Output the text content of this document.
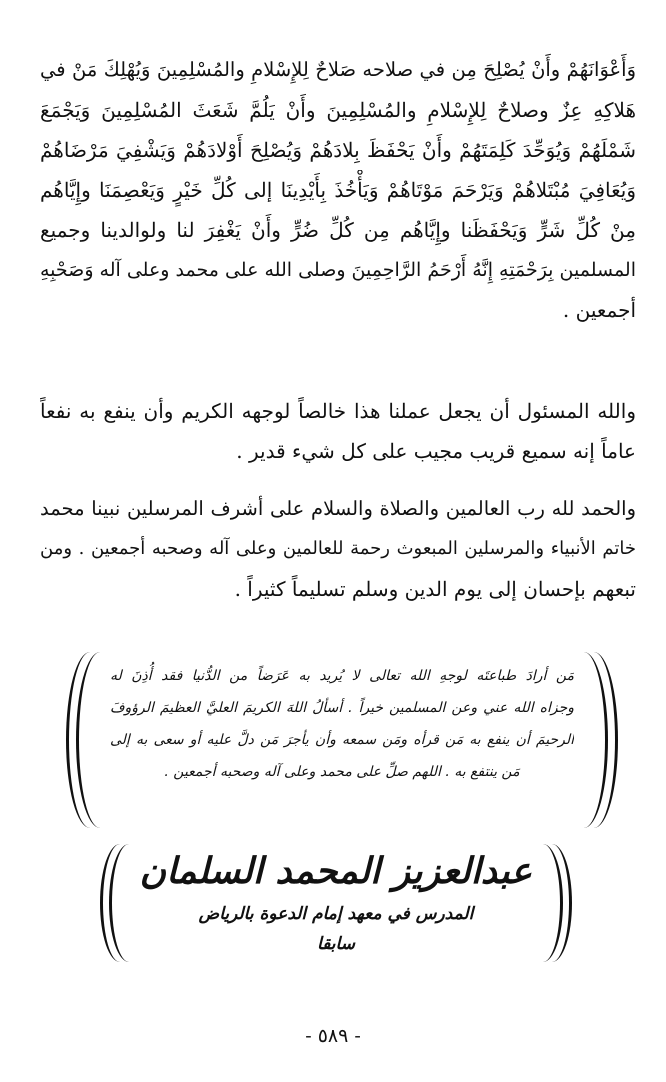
وَأَعْوَانَهُمْ وأَنْ يُصْلِحَ مِن في صلاحه صَلاحٌ لِلإِسْلامِ والمُسْلِمِينَ وَيُهْلِكَ مَنْ في
هَلاكِهِ عِزٌ وصلاحٌ لِلإِسْلامِ والمُسْلِمِينَ وأَنْ يَلُمَّ شَعَثَ المُسْلِمِينَ وَيَجْمَعَ
شَمْلَهُمْ وَيُوَحِّدَ كَلِمَتَهُمْ وأَنْ يَحْفَظَ بِلادَهُمْ وَيُصْلِحَ أَوْلادَهُمْ وَيَشْفِيَ مَرْضَاهُمْ
وَيُعَافِيَ مُبْتَلاهُمْ وَيَرْحَمَ مَوْتَاهُمْ وَيَأْخُذَ بِأَيْدِينَا إلى كُلِّ خَيْرٍ وَيَعْصِمَنَا وإِيَّاهُم
مِنْ كُلِّ شَرٍّ وَيَحْفَظَنا وإِيَّاهُم مِن كُلِّ ضُرٍّ وأَنْ يَغْفِرَ لنا ولوالدينا وجميع
المسلمين بِرَحْمَتِهِ إِنَّهُ أَرْحَمُ الرَّاحِمِينَ وصلى الله على محمد وعلى آله وَصَحْبِهِ
أجمعين .
والله المسئول أن يجعل عملنا هذا خالصاً لوجهه الكريم وأن ينفع به نفعاً
عاماً إنه سميع قريب مجيب على كل شيء قدير .
والحمد لله رب العالمين والصلاة والسلام على أشرف المرسلين نبينا محمد
خاتم الأنبياء والمرسلين المبعوث رحمة للعالمين وعلى آله وصحبه أجمعين . ومن
تبعهم بإحسان إلى يوم الدين وسلم تسليماً كثيراً .
مَن أرادَ طباعتَه لوجهِ الله تعالى لا يُريد به عَرَضاً من الدُّنيا فقد أُذِنَ له
وجزاه الله عني وعن المسلمين خيراً . أسألُ اللهَ الكريمَ العليَّ العظيمَ الرؤوفَ
الرحيمَ أن ينفع به مَن قرأه ومَن سمعه وأن يأجرَ مَن دلَّ عليه أو سعى به إلى
مَن ينتفع به . اللهم صلِّ على محمد وعلى آله وصحبه أجمعين .
عبدالعزيز المحمد السلمان
المدرس في معهد إمام الدعوة بالرياض
سابقا
- ٥٨٩ -
